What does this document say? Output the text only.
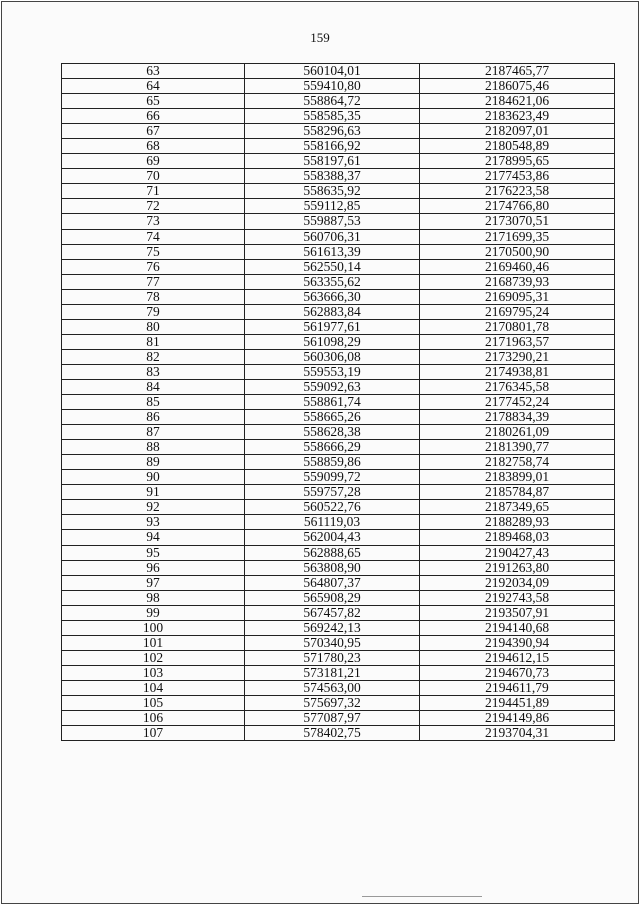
159
63	560104,01	2187465,77
64	559410,80	2186075,46
65	558864,72	2184621,06
66	558585,35	2183623,49
67	558296,63	2182097,01
68	558166,92	2180548,89
69	558197,61	2178995,65
70	558388,37	2177453,86
71	558635,92	2176223,58
72	559112,85	2174766,80
73	559887,53	2173070,51
74	560706,31	2171699,35
75	561613,39	2170500,90
76	562550,14	2169460,46
77	563355,62	2168739,93
78	563666,30	2169095,31
79	562883,84	2169795,24
80	561977,61	2170801,78
81	561098,29	2171963,57
82	560306,08	2173290,21
83	559553,19	2174938,81
84	559092,63	2176345,58
85	558861,74	2177452,24
86	558665,26	2178834,39
87	558628,38	2180261,09
88	558666,29	2181390,77
89	558859,86	2182758,74
90	559099,72	2183899,01
91	559757,28	2185784,87
92	560522,76	2187349,65
93	561119,03	2188289,93
94	562004,43	2189468,03
95	562888,65	2190427,43
96	563808,90	2191263,80
97	564807,37	2192034,09
98	565908,29	2192743,58
99	567457,82	2193507,91
100	569242,13	2194140,68
101	570340,95	2194390,94
102	571780,23	2194612,15
103	573181,21	2194670,73
104	574563,00	2194611,79
105	575697,32	2194451,89
106	577087,97	2194149,86
107	578402,75	2193704,31
